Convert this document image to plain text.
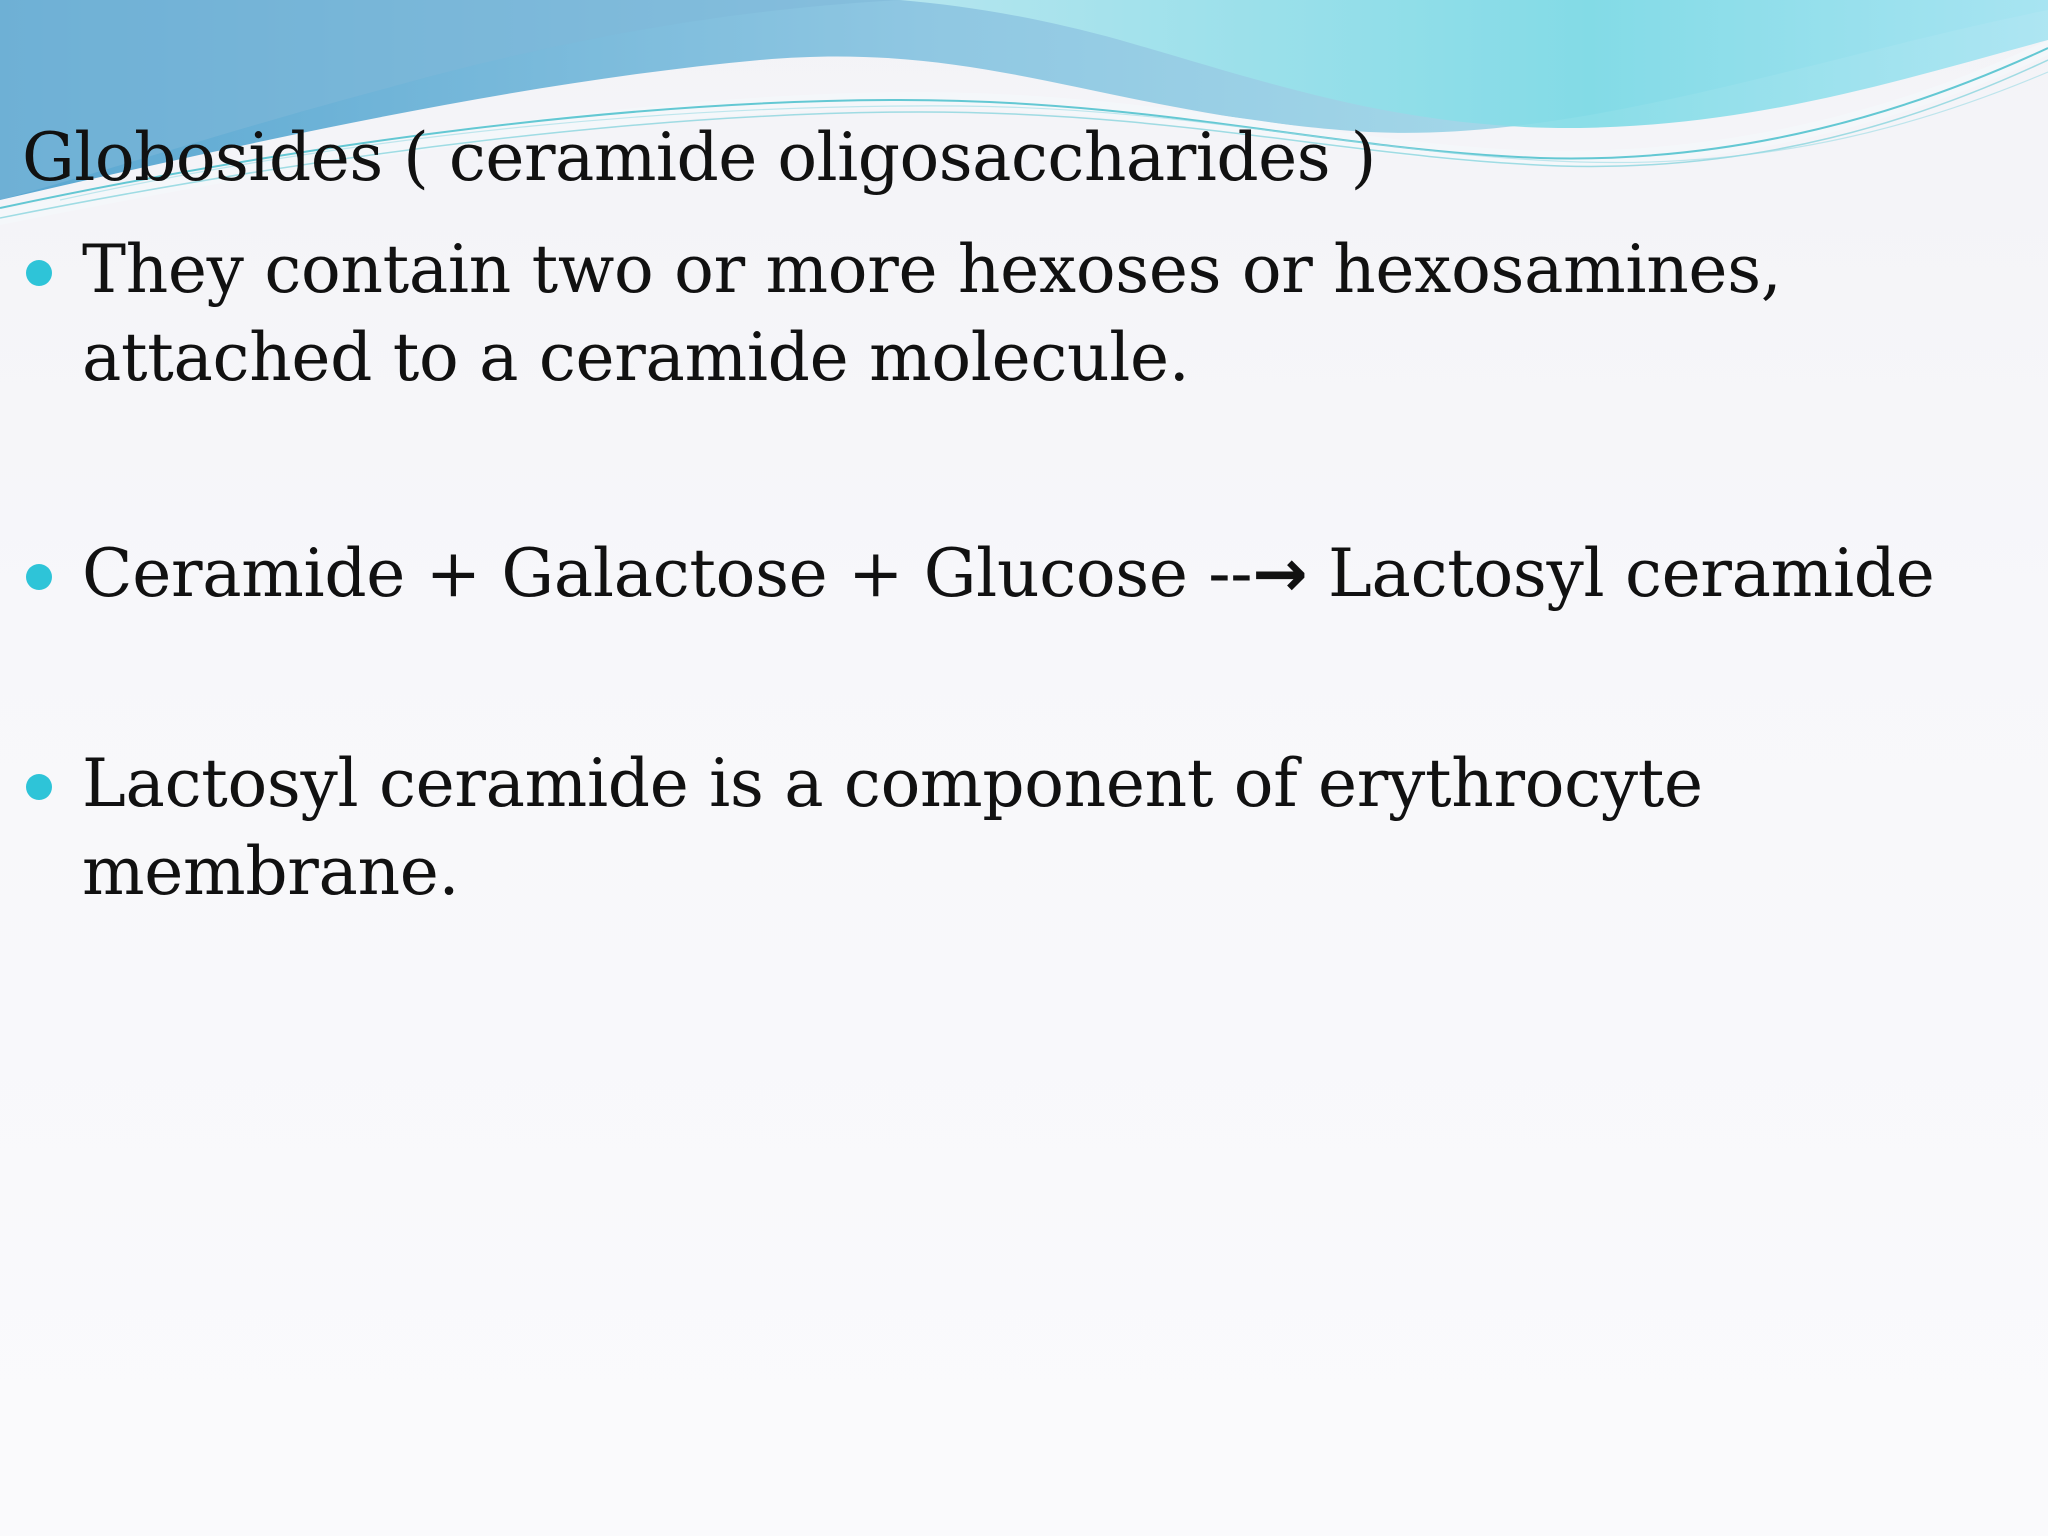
Globosides ( ceramide oligosaccharides )
They contain two or more hexoses or hexosamines, attached to a ceramide molecule.
Ceramide + Galactose + Glucose --→ Lactosyl ceramide
Lactosyl ceramide is a component of erythrocyte membrane.
